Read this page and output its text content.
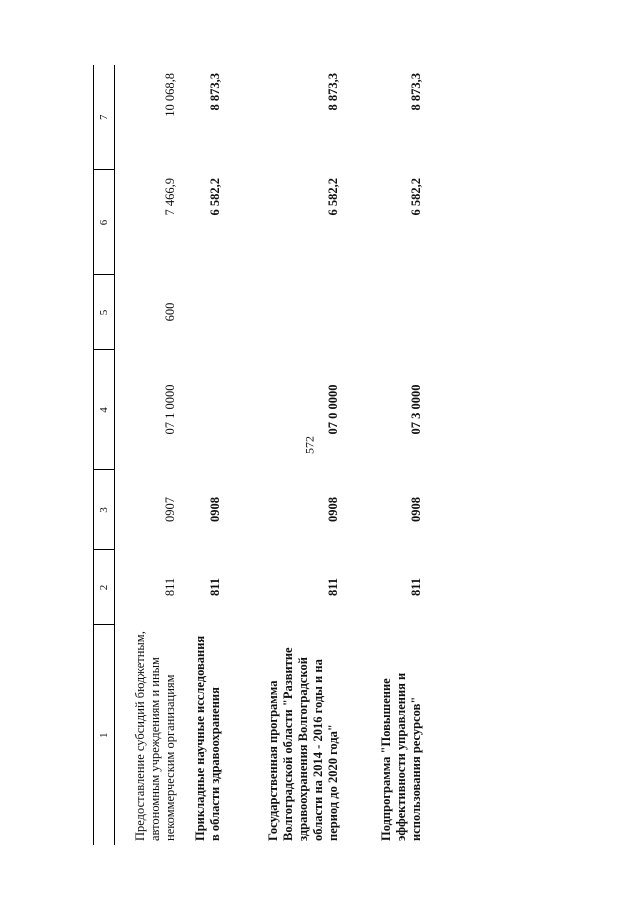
572
1	2	3	4	5	6	7
Предоставление субсидий бюджетным, автономным учреждениям и иным некоммерческим организациям	811	0907	07 1 0000	600	7 466,9	10 068,8
Прикладные научные исследования в области здравоохранения	811	0908			6 582,2	8 873,3
Государственная программа Волгоградской области "Развитие здравоохранения Волгоградской области на 2014 - 2016 годы и на период до 2020 года"	811	0908	07 0 0000		6 582,2	8 873,3
Подпрограмма "Повышение эффективности управления и использования ресурсов"	811	0908	07 3 0000		6 582,2	8 873,3
